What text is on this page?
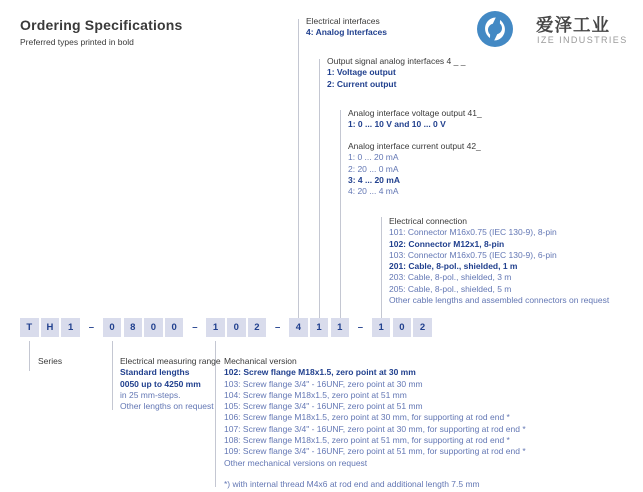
Ordering Specifications
Preferred types printed in bold
爱泽工业
IZE INDUSTRIES
Electrical interfaces
4: Analog Interfaces
Output signal analog interfaces 4 _ _
1: Voltage output
2: Current output
Analog interface voltage output 41_
1: 0 ... 10 V and 10 ... 0 V
Analog interface current output 42_
1: 0 ... 20 mA
2: 20 ... 0 mA
3: 4 ... 20 mA
4: 20 ... 4 mA
Electrical connection
101: Connector M16x0.75 (IEC 130-9), 8-pin
102: Connector M12x1, 8-pin
103: Connector M16x0.75 (IEC 130-9), 6-pin
201: Cable, 8-pol., shielded, 1 m
203: Cable, 8-pol., shielded, 3 m
205: Cable, 8-pol., shielded, 5 m
Other cable lengths and assembled connectors on request
T	H	1	–	0	8	0	0	–	1	0	2	–	4	1	1	–	1	0	2
Series	Electrical measuring range
Standard lengths
0050 up to 4250 mm
in 25 mm-steps.
Other lengths on request
Mechanical version
102: Screw flange M18x1.5, zero point at 30 mm
103: Screw flange 3/4" - 16UNF, zero point at 30 mm
104: Screw flange M18x1.5, zero point at 51 mm
105: Screw flange 3/4" - 16UNF, zero point at 51 mm
106: Screw flange M18x1.5, zero point at 30 mm, for supporting at rod end *
107: Screw flange 3/4" - 16UNF, zero point at 30 mm, for supporting at rod end *
108: Screw flange M18x1.5, zero point at 51 mm, for supporting at rod end *
109: Screw flange 3/4" - 16UNF, zero point at 51 mm, for supporting at rod end *
Other mechanical versions on request
*) with internal thread M4x6 at rod end and additional length 7.5 mm
